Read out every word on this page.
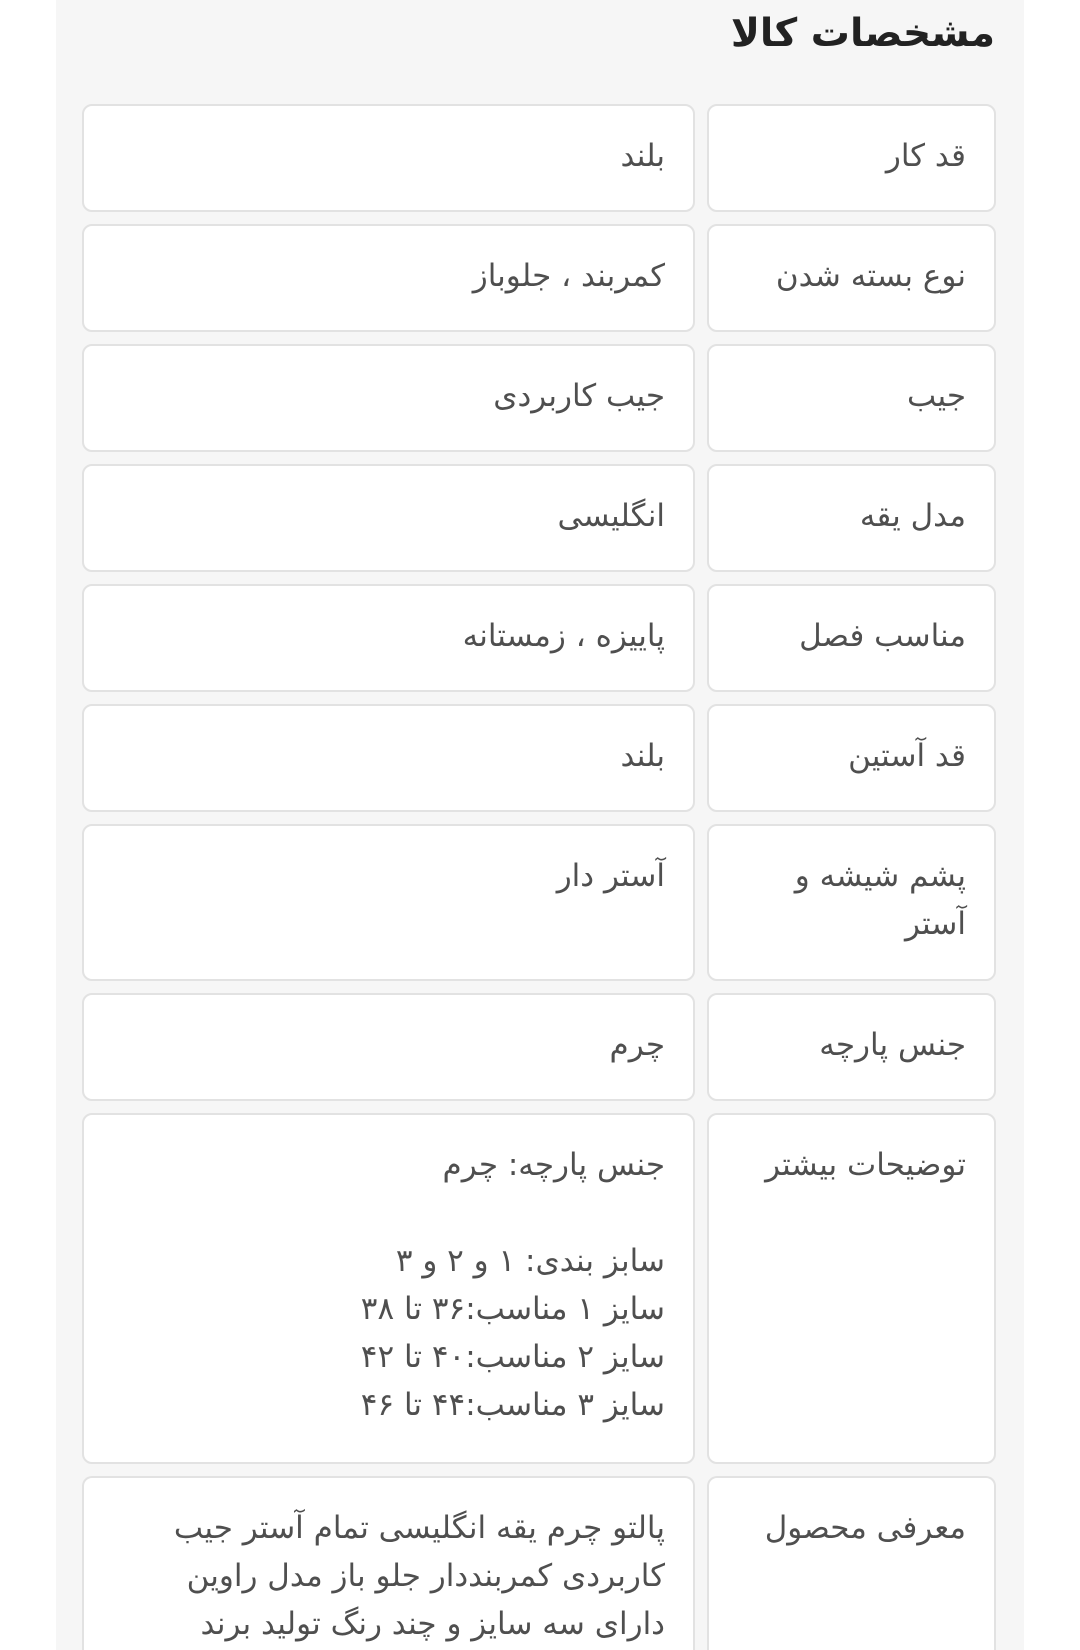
مشخصات کالا
قد کار
بلند
نوع بسته شدن
کمربند ، جلوباز
جیب
جیب کاربردی
مدل یقه
انگلیسی
مناسب فصل
پاییزه ، زمستانه
قد آستین
بلند
پشم شیشه و
آستر
آستر دار
جنس پارچه
چرم
توضیحات بیشتر
جنس پارچه: چرم

سابز بندی: ۱ و ۲ و ۳
سایز ۱ مناسب:۳۶ تا ۳۸
سایز ۲ مناسب:۴۰ تا ۴۲
سایز ۳ مناسب:۴۴ تا ۴۶
معرفی محصول
پالتو چرم یقه انگلیسی تمام آستر جیب
کاربردی کمربنددار جلو باز مدل راوین
دارای سه سایز و چند رنگ تولید برند
